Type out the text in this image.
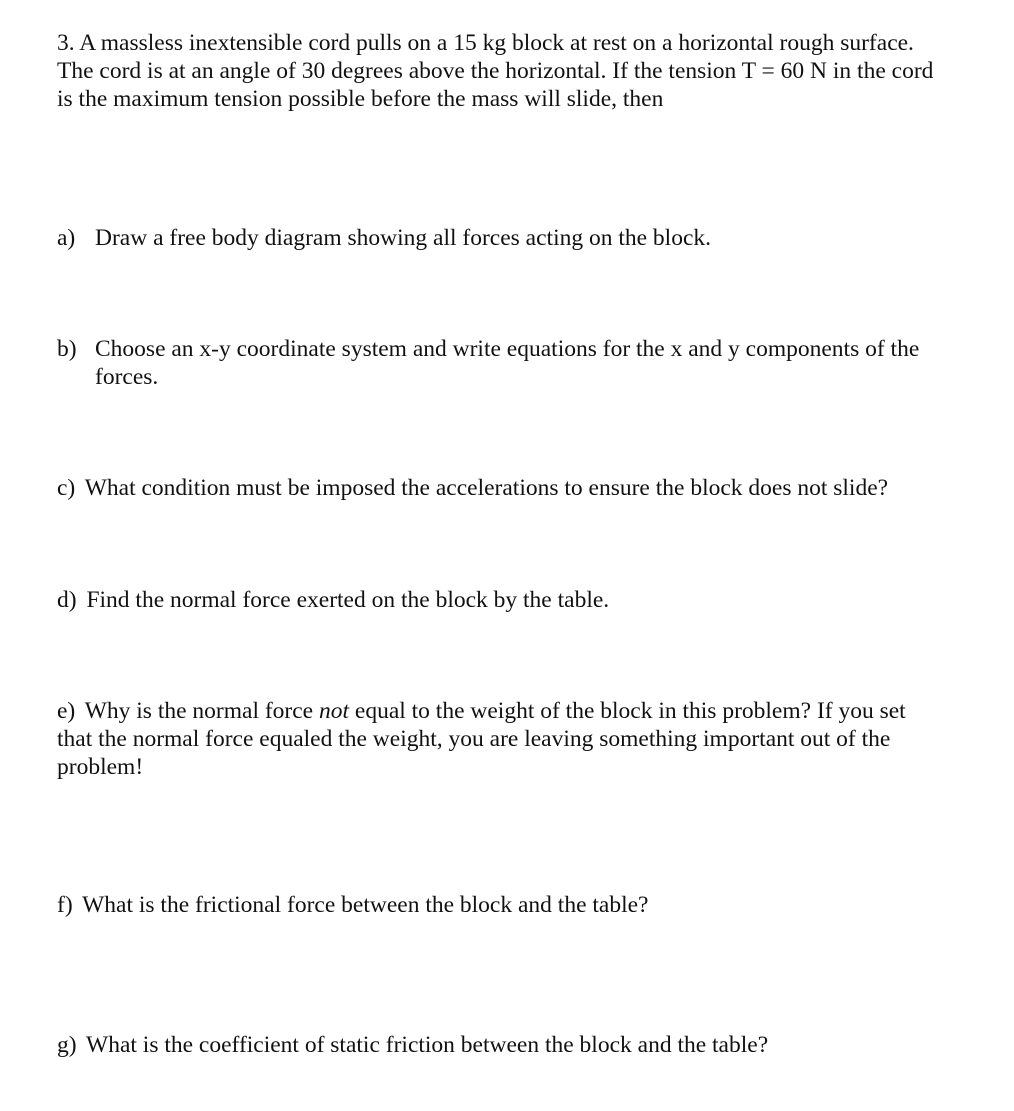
3. A massless inextensible cord pulls on a 15 kg block at rest on a horizontal rough surface. The cord is at an angle of 30 degrees above the horizontal. If the tension T = 60 N in the cord is the maximum tension possible before the mass will slide, then
a) Draw a free body diagram showing all forces acting on the block.
b) Choose an x-y coordinate system and write equations for the x and y components of the forces.
c) What condition must be imposed the accelerations to ensure the block does not slide?
d) Find the normal force exerted on the block by the table.
e) Why is the normal force not equal to the weight of the block in this problem? If you set that the normal force equaled the weight, you are leaving something important out of the problem!
f) What is the frictional force between the block and the table?
g) What is the coefficient of static friction between the block and the table?
